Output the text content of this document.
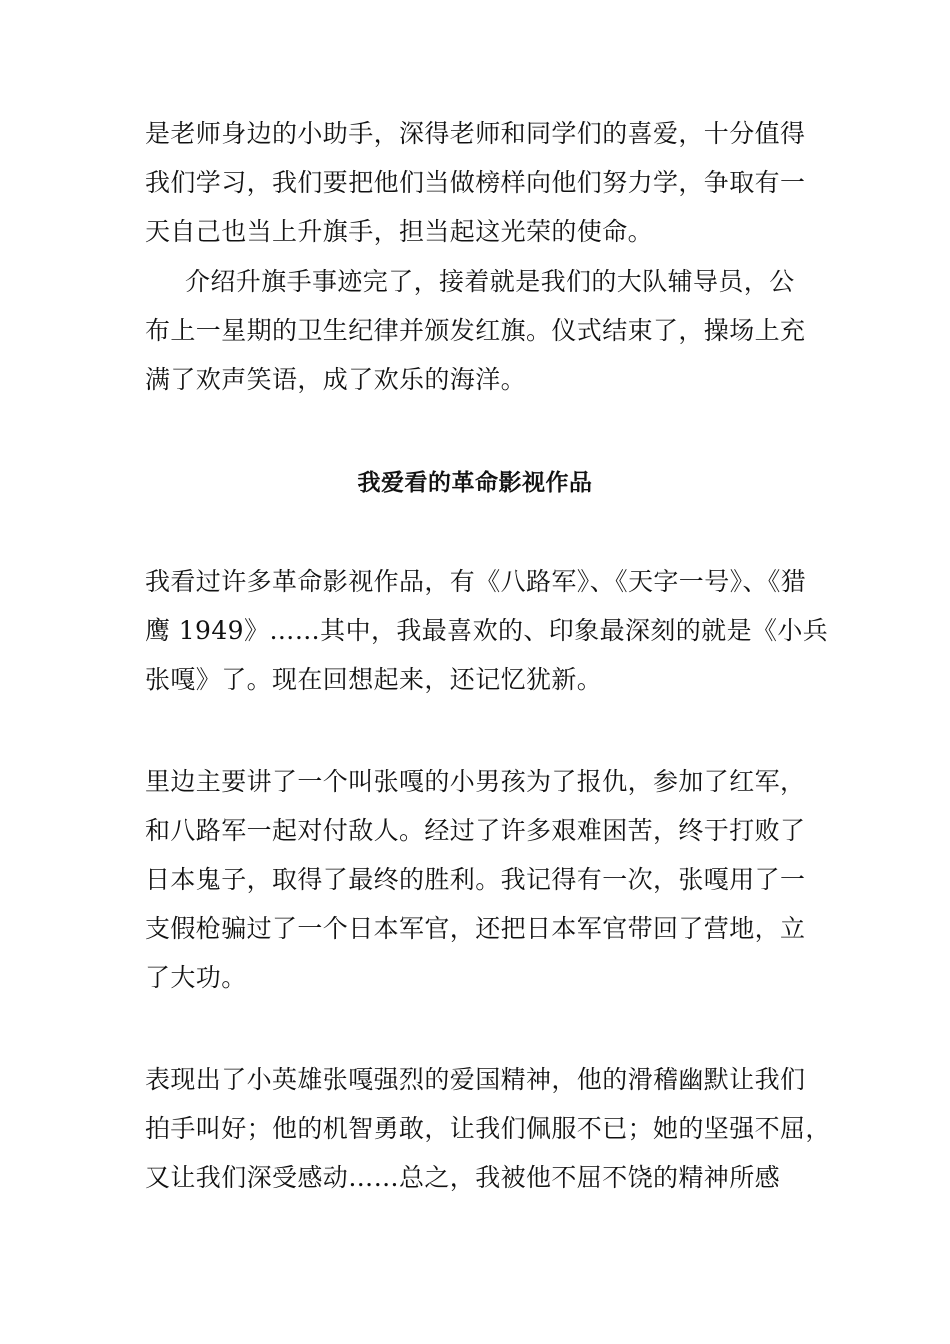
是老师身边的小助手，深得老师和同学们的喜爱，十分值得
我们学习，我们要把他们当做榜样向他们努力学，争取有一
天自己也当上升旗手，担当起这光荣的使命。

介绍升旗手事迹完了，接着就是我们的大队辅导员，公
布上一星期的卫生纪律并颁发红旗。仪式结束了，操场上充
满了欢声笑语，成了欢乐的海洋。

我爱看的革命影视作品

我看过许多革命影视作品，有《八路军》、《天字一号》、《猎
鹰 1949》……其中，我最喜欢的、印象最深刻的就是《小兵
张嘎》了。现在回想起来，还记忆犹新。

里边主要讲了一个叫张嘎的小男孩为了报仇，参加了红军，
和八路军一起对付敌人。经过了许多艰难困苦，终于打败了
日本鬼子，取得了最终的胜利。我记得有一次，张嘎用了一
支假枪骗过了一个日本军官，还把日本军官带回了营地，立
了大功。

表现出了小英雄张嘎强烈的爱国精神，他的滑稽幽默让我们
拍手叫好；他的机智勇敢，让我们佩服不已；她的坚强不屈，
又让我们深受感动……总之，我被他不屈不饶的精神所感
